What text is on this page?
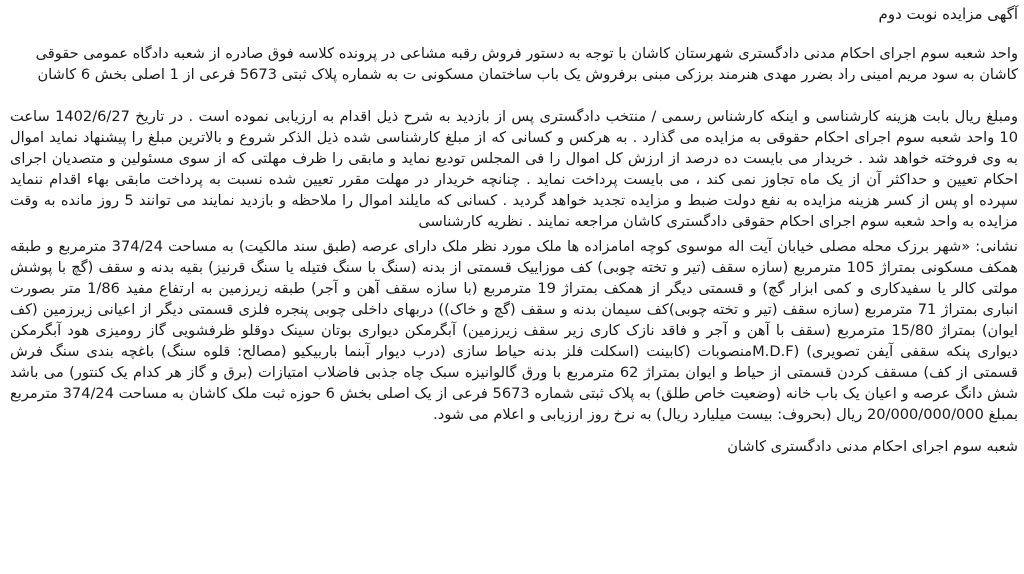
آگهی مزایده نوبت دوم

واحد شعبه سوم اجرای احکام مدنی دادگستری شهرستان کاشان با توجه به دستور فروش رقبه مشاعی در پرونده کلاسه فوق صادره از شعبه دادگاه عمومی حقوقی کاشان به سود مریم امینی راد بضرر مهدی هنرمند برزکی مبنی برفروش یک باب ساختمان مسکونی ت به شماره پلاک ثبتی 5673 فرعی از 1 اصلی بخش 6 کاشان

ومبلغ ریال بابت هزینه کارشناسی و اینکه کارشناس رسمی / منتخب دادگستری پس از بازدید به شرح ذیل اقدام به ارزیابی نموده است . در تاریخ 1402/6/27 ساعت 10 واحد شعبه سوم اجرای احکام حقوقی به مزایده می گذارد . به هرکس و کسانی که از مبلغ کارشناسی شده ذیل الذکر شروع و بالاترین مبلغ را پیشنهاد نماید اموال به وی فروخته خواهد شد . خریدار می بایست ده درصد از ارزش کل اموال را فی المجلس تودیع نماید و مابقی را ظرف مهلتی که از سوی مسئولین و متصدیان اجرای احکام تعیین و حداکثر آن از یک ماه تجاوز نمی کند ، می بایست پرداخت نماید . چنانچه خریدار در مهلت مقرر تعیین شده نسبت به پرداخت مابقی بهاء اقدام ننماید سپرده او پس از کسر هزینه مزایده به نفع دولت ضبط و مزایده تجدید خواهد گردید . کسانی که مایلند اموال را ملاحظه و بازدید نمایند می توانند 5 روز مانده به وقت مزایده به واحد شعبه سوم اجرای احکام حقوقی دادگستری کاشان مراجعه نمایند . نظریه کارشناسی

نشانی: «شهر برزک محله مصلی خیابان آیت اله موسوی کوچه امامزاده ها ملک مورد نظر ملک دارای عرصه (طبق سند مالکیت) به مساحت 374/24 مترمربع و طبقه همکف مسکونی بمتراژ 105 مترمربع (سازه سقف (تیر و تخته چوبی) کف موزاییک قسمتی از بدنه (سنگ با سنگ فتیله یا سنگ قرنیز) بقیه بدنه و سقف (گچ با پوشش مولتی کالر یا سفیدکاری و کمی ابزار گچ) و قسمتی دیگر از همکف بمتراژ 19 مترمربع (با سازه سقف آهن و آجر) طبقه زیرزمین به ارتفاع مفید 1/86 متر بصورت انباری بمتراژ 71 مترمربع (سازه سقف (تیر و تخته چوبی)کف سیمان بدنه و سقف (گچ و خاک)) دربهای داخلی چوبی پنجره فلزی قسمتی دیگر از اعیانی زیرزمین (کف ایوان) بمتراژ 15/80 مترمربع (سقف با آهن و آجر و فاقد نازک کاری زیر سقف زیرزمین) آبگرمکن دیواری بوتان سینک دوقلو ظرفشویی گاز رومیزی هود آبگرمکن دیواری پنکه سقفی آیفن تصویری) (M.D.Fمنصوبات (کابینت (اسکلت فلز بدنه حیاط سازی (درب دیوار آبنما باربیکیو (مصالح: قلوه سنگ) باغچه بندی سنگ فرش قسمتی از کف) مسقف کردن قسمتی از حیاط و ایوان بمتراژ 62 مترمربع با ورق گالوانیزه سبک چاه جذبی فاضلاب امتیازات (برق و گاز هر کدام یک کنتور) می باشد شش دانگ عرصه و اعیان یک باب خانه (وضعیت خاص طلق) به پلاک ثبتی شماره 5673 فرعی از یک اصلی بخش 6 حوزه ثبت ملک کاشان به مساحت 374/24 مترمربع بمبلغ 20/000/000/000 ریال (بحروف: بیست میلیارد ریال) به نرخ روز ارزیابی و اعلام می شود.

شعبه سوم اجرای احکام مدنی دادگستری کاشان
